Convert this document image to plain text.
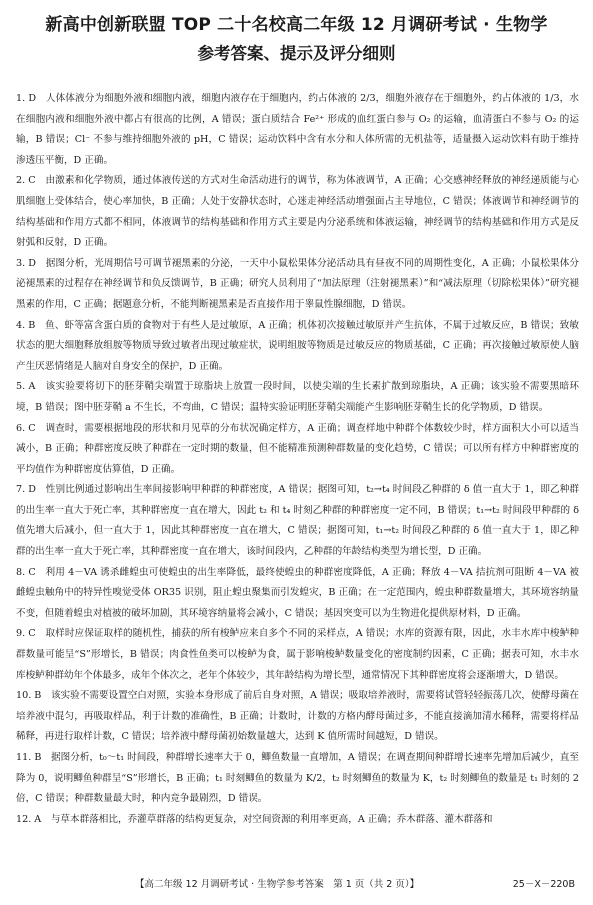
新高中创新联盟 TOP 二十名校高二年级 12 月调研考试 · 生物学
参考答案、提示及评分细则

1. D　人体体液分为细胞外液和细胞内液，细胞内液存在于细胞内，约占体液的 2/3，细胞外液存在于细胞外，约占体液的 1/3，水在细胞内液和细胞外液中都占有很高的比例，A 错误；蛋白质结合 Fe²⁺ 形成的血红蛋白参与 O₂ 的运输，血清蛋白不参与 O₂ 的运输，B 错误；Cl⁻ 不参与维持细胞外液的 pH，C 错误；运动饮料中含有水分和人体所需的无机盐等，适量摄入运动饮料有助于维持渗透压平衡，D 正确。

2. C　由激素和化学物质，通过体液传送的方式对生命活动进行的调节，称为体液调节，A 正确；心交感神经释放的神经递质能与心肌细胞上受体结合，使心率加快，B 正确；人处于安静状态时，心迷走神经活动增强面占主导地位，C 错误；体液调节和神经调节的结构基础和作用方式都不相同，体液调节的结构基础和作用方式主要是内分泌系统和体液运输，神经调节的结构基础和作用方式是反射弧和反射，D 正确。

3. D　据图分析，光周期信号可调节褪黑素的分泌，一天中小鼠松果体分泌活动具有昼夜不同的周期性变化，A 正确；小鼠松果体分泌褪黑素的过程存在神经调节和负反馈调节，B 正确；研究人员利用了“加法原理（注射褪黑素）”和“减法原理（切除松果体）”研究褪黑素的作用，C 正确；据题意分析，不能判断褪黑素是否直接作用于睾鼠性腺细胞，D 错误。

4. B　鱼、虾等富含蛋白质的食物对于有些人是过敏原，A 正确；机体初次接触过敏原并产生抗体，不属于过敏反应，B 错误；致敏状态的肥大细胞释放组胺等物质导致过敏者出现过敏症状，说明组胺等物质是过敏反应的物质基础，C 正确；再次接触过敏原使人脑产生厌恶情绪是人脑对自身安全的保护，D 正确。

5. A　该实验要将切下的胚芽鞘尖端置于琼脂块上放置一段时间，以使尖端的生长素扩散到琼脂块，A 正确；该实验不需要黑暗环境，B 错误；图中胚芽鞘 a 不生长，不弯曲，C 错误；温特实验证明胚芽鞘尖端能产生影响胚芽鞘生长的化学物质，D 错误。

6. C　调查时，需要根据地段的形状和月见草的分布状况确定样方，A 正确；调查样地中种群个体数较少时，样方面积大小可以适当减小，B 正确；种群密度反映了种群在一定时期的数量，但不能精准预测种群数量的变化趋势，C 错误；可以所有样方中种群密度的平均值作为种群密度估算值，D 正确。

7. D　性别比例通过影响出生率间接影响甲种群的种群密度，A 错误；据图可知，t₂→t₄ 时间段乙种群的 δ 值一直大于 1，即乙种群的出生率一直大于死亡率，其种群密度一直在增大，因此 t₂ 和 t₄ 时刻乙种群的种群密度一定不同，B 错误；t₁→t₂ 时间段甲种群的 δ 值先增大后减小，但一直大于 1，因此其种群密度一直在增大，C 错误；据图可知，t₁→t₂ 时间段乙种群的 δ 值一直大于 1，即乙种群的出生率一直大于死亡率，其种群密度一直在增大，该时间段内，乙种群的年龄结构类型为增长型，D 正确。

8. C　利用 4－VA 诱杀雌蝗虫可使蝗虫的出生率降低，最终使蝗虫的种群密度降低，A 正确；释放 4－VA 拮抗剂可阻断 4－VA 被雌蝗虫触角中的特异性嗅觉受体 OR35 识别，阻止蝗虫聚集而引发蝗灾，B 正确；在一定范围内，蝗虫种群数量增大，其环境容纳量不变，但随着蝗虫对植被的破坏加剧，其环境容纳量将会减小，C 错误；基因突变可以为生物进化提供原材料，D 正确。

9. C　取样时应保证取样的随机性，捕获的所有梭鲈应来自多个不同的采样点，A 错误；水库的资源有限，因此，水丰水库中梭鲈种群数量可能呈“S”形增长，B 错误；肉食性鱼类可以梭鲈为食，属于影响梭鲈数量变化的密度制约因素，C 正确；据表可知，水丰水库梭鲈种群幼年个体最多，成年个体次之，老年个体较少，其年龄结构为增长型，通常情况下其种群密度将会逐渐增大，D 错误。

10. B　该实验不需要设置空白对照，实验本身形成了前后自身对照，A 错误；吸取培养液时，需要将试管轻轻振荡几次，使酵母菌在培养液中混匀，再吸取样品，利于计数的准确性，B 正确；计数时，计数的方格内酵母菌过多，不能直接滴加清水稀释，需要将样品稀释，再进行取样计数，C 错误；培养液中酵母菌初始数量越大，达到 K 值所需时间越短，D 错误。

11. B　据图分析，t₀～t₁ 时间段，种群增长速率大于 0，鲫鱼数量一直增加，A 错误；在调查期间种群增长速率先增加后减少，直至降为 0，说明鲫鱼种群呈“S”形增长，B 正确；t₁ 时刻鲫鱼的数量为 K/2，t₂ 时刻鲫鱼的数量为 K，t₂ 时刻鲫鱼的数量是 t₁ 时刻的 2 倍，C 错误；种群数量最大时，种内竞争最剧烈，D 错误。

12. A　与草本群落相比，乔灌草群落的结构更复杂，对空间资源的利用率更高，A 正确；乔木群落、灌木群落和

【高二年级 12 月调研考试 · 生物学参考答案　第 1 页（共 2 页）】	25－X－220B
